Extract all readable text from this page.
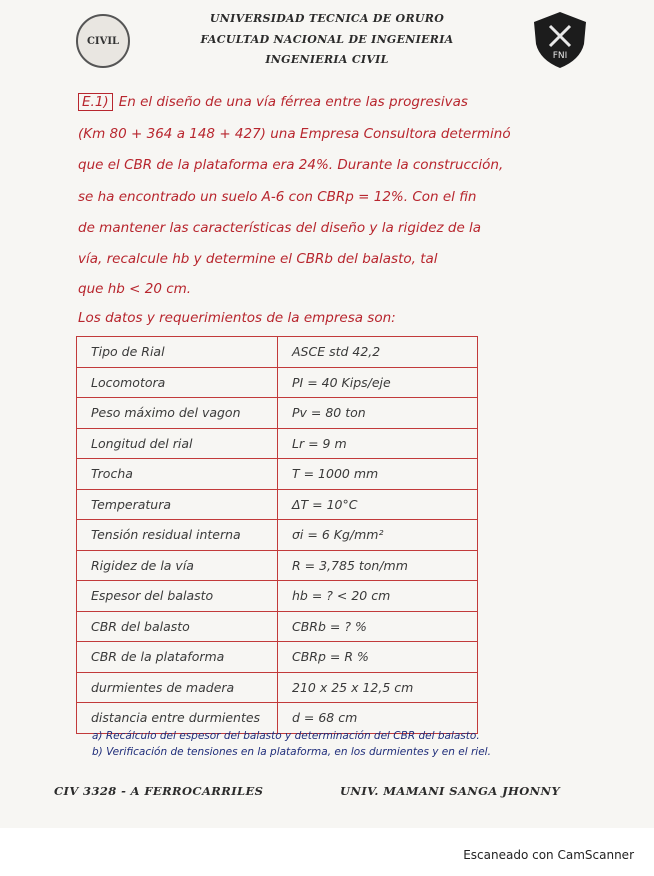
CIVIL
FNI
UNIVERSIDAD TECNICA DE ORURO
FACULTAD NACIONAL DE INGENIERIA
INGENIERIA CIVIL
E.1) En el diseño de una vía férrea entre las progresivas
(Km 80 + 364 a 148 + 427) una Empresa Consultora determinó
que el CBR de la plataforma era 24%. Durante la construcción,
se ha encontrado un suelo A-6 con CBRp = 12%. Con el fin
de mantener las características del diseño y la rigidez de la
vía, recalcule hb y determine el CBRb del balasto, tal
que hb < 20 cm.
Los datos y requerimientos de la empresa son:
Tipo de Rial	ASCE std 42,2
Locomotora	PI = 40 Kips/eje
Peso máximo del vagon	Pv = 80 ton
Longitud del rial	Lr = 9 m
Trocha	T = 1000 mm
Temperatura	ΔT = 10°C
Tensión residual interna	σi = 6 Kg/mm²
Rigidez de la vía	R = 3,785 ton/mm
Espesor del balasto	hb = ? < 20 cm
CBR del balasto	CBRb = ? %
CBR de la plataforma	CBRp = R %
durmientes de madera	210 x 25 x 12,5 cm
distancia entre durmientes	d = 68 cm
a) Recálculo del espesor del balasto y determinación del CBR del balasto.
b) Verificación de tensiones en la plataforma, en los durmientes y en el riel.
CIV 3328 - A FERROCARRILES	UNIV. MAMANI SANGA JHONNY
Escaneado con CamScanner
